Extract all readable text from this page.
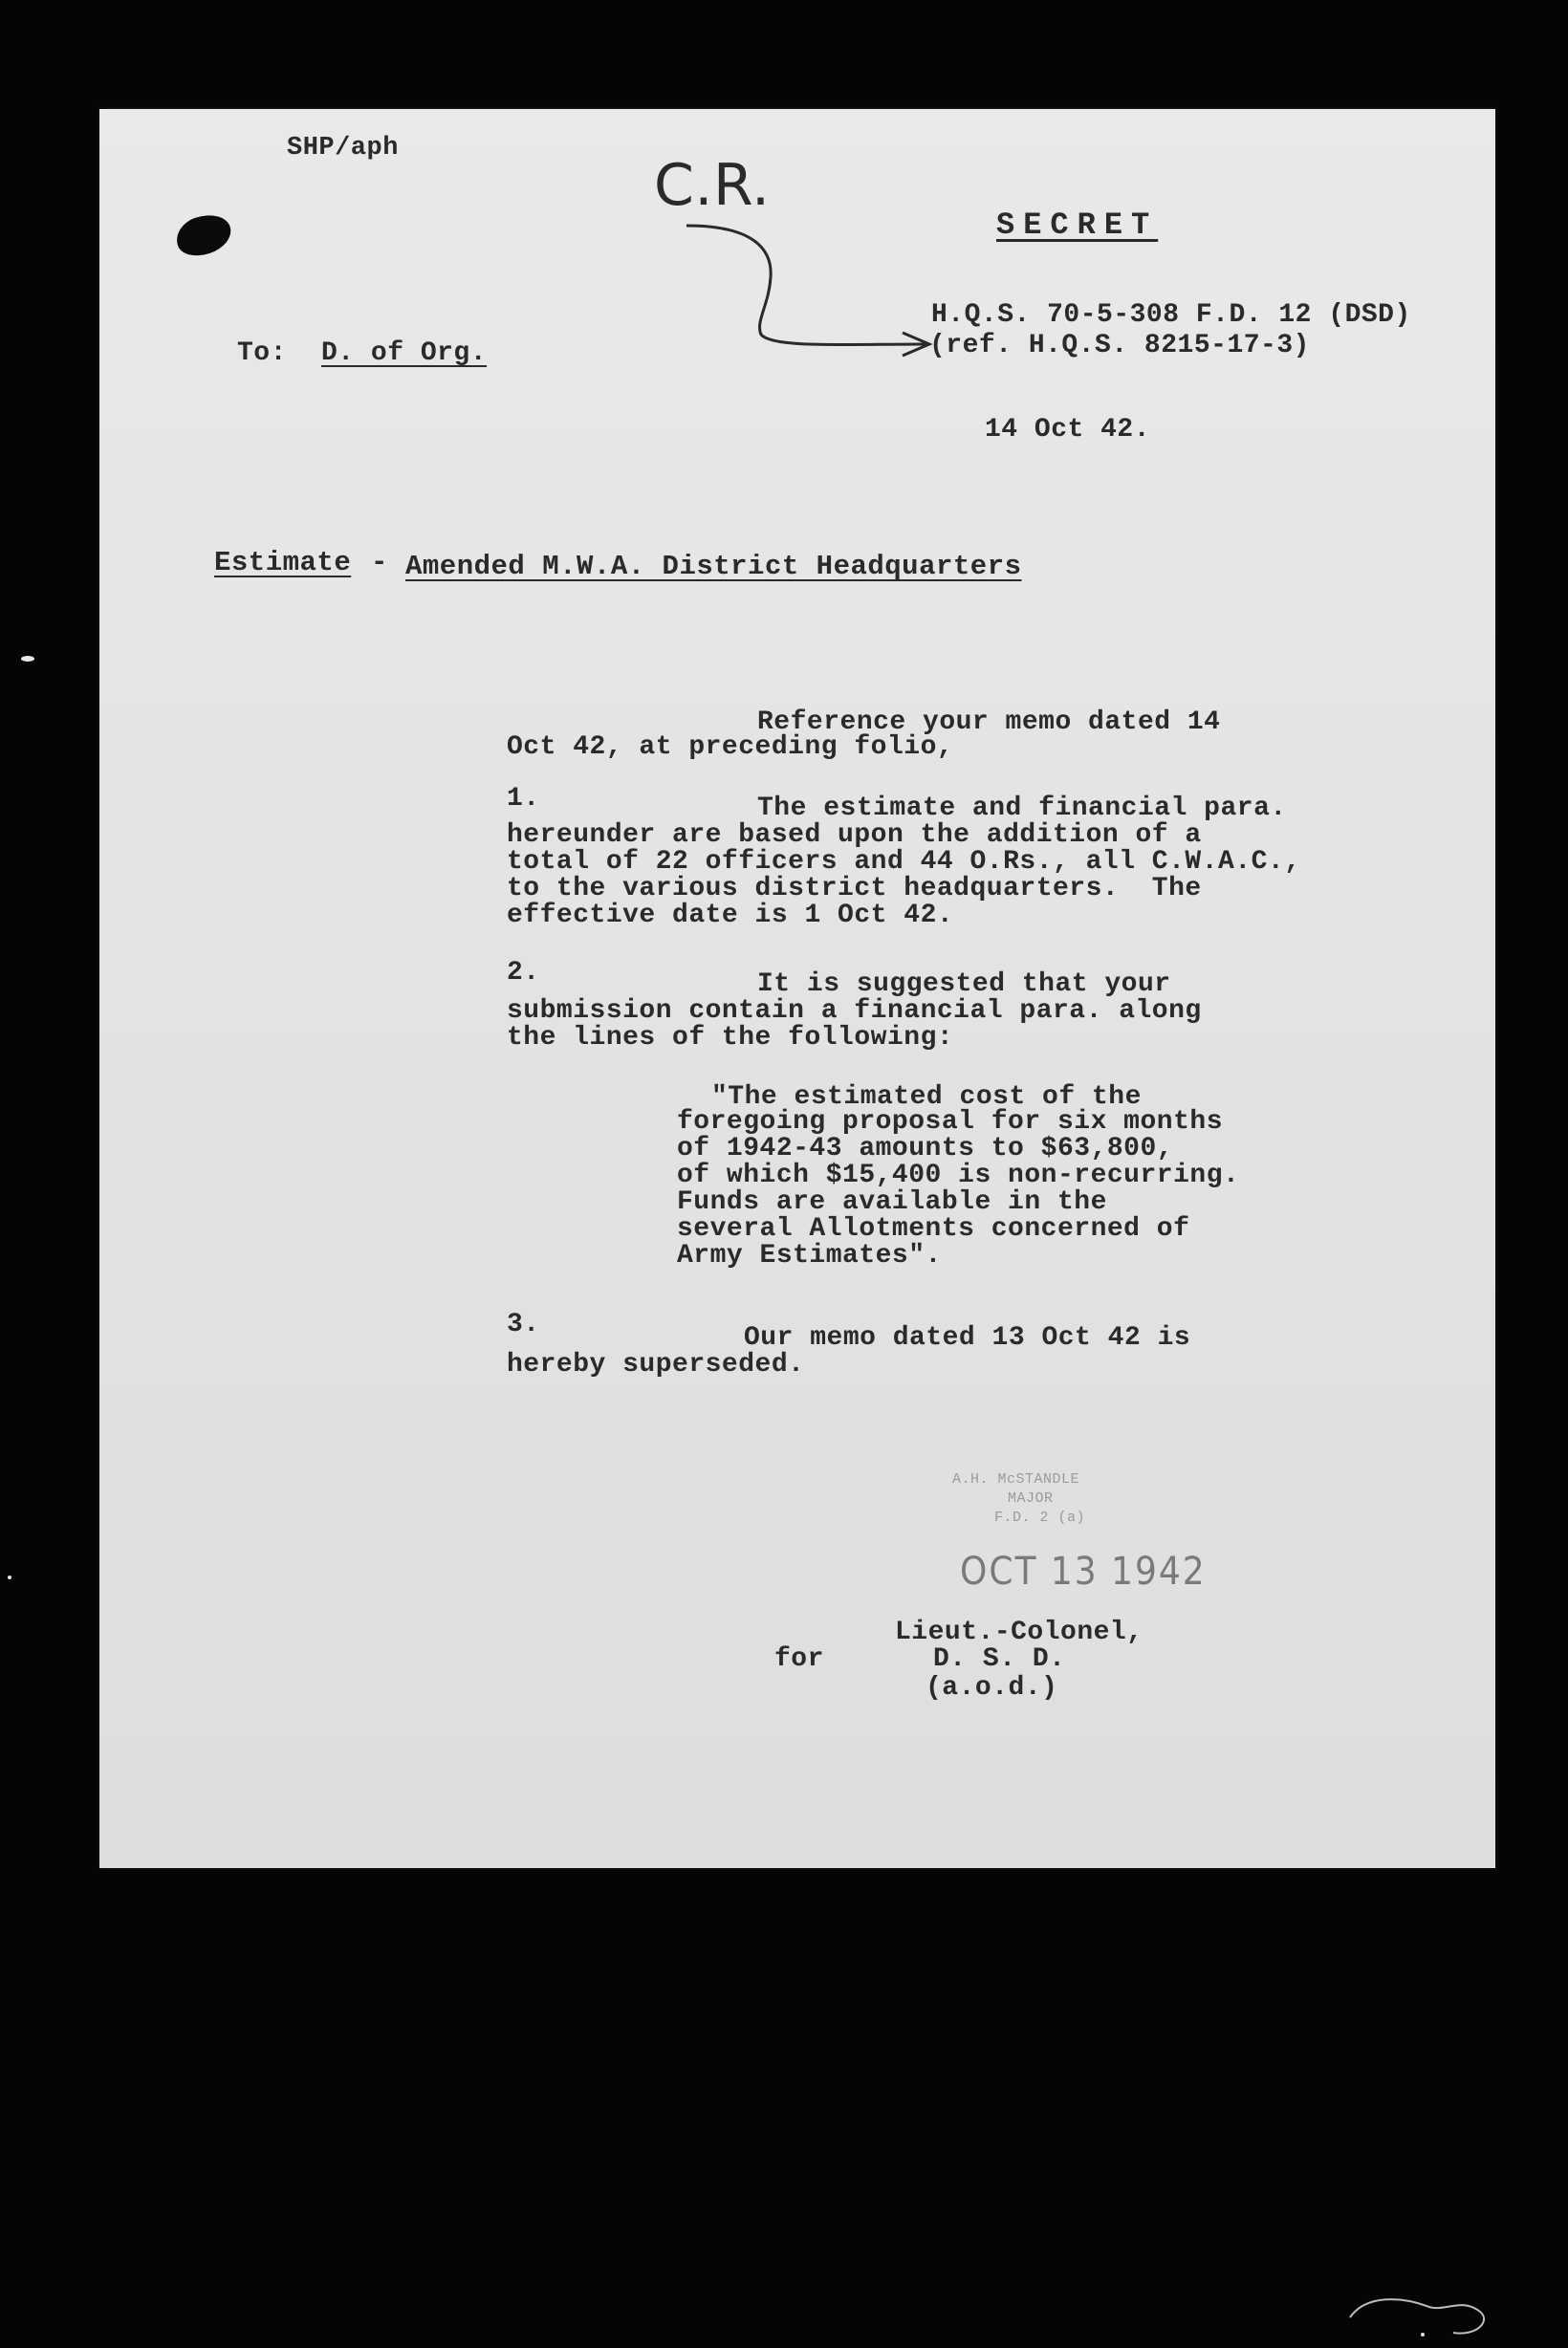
SHP/aph
C.R.
SECRET
H.Q.S. 70-5-308 F.D. 12 (DSD)
(ref. H.Q.S. 8215-17-3)
To: D. of Org.
14 Oct 42.
Estimate - Amended M.W.A. District Headquarters
Reference your memo dated 14
Oct 42, at preceding folio,
1.	The estimate and financial para.
hereunder are based upon the addition of a
total of 22 officers and 44 O.Rs., all C.W.A.C.,
to the various district headquarters.  The
effective date is 1 Oct 42.
2.	It is suggested that your
submission contain a financial para. along
the lines of the following:
"The estimated cost of the
foregoing proposal for six months
of 1942-43 amounts to $63,800,
of which $15,400 is non-recurring.
Funds are available in the
several Allotments concerned of
Army Estimates".
3.	Our memo dated 13 Oct 42 is
hereby superseded.
A.H. McSTANDLE
MAJOR
F.D. 2 (a)
OCT 13 1942
Lieut.-Colonel,
for	D. S. D.
(a.o.d.)
